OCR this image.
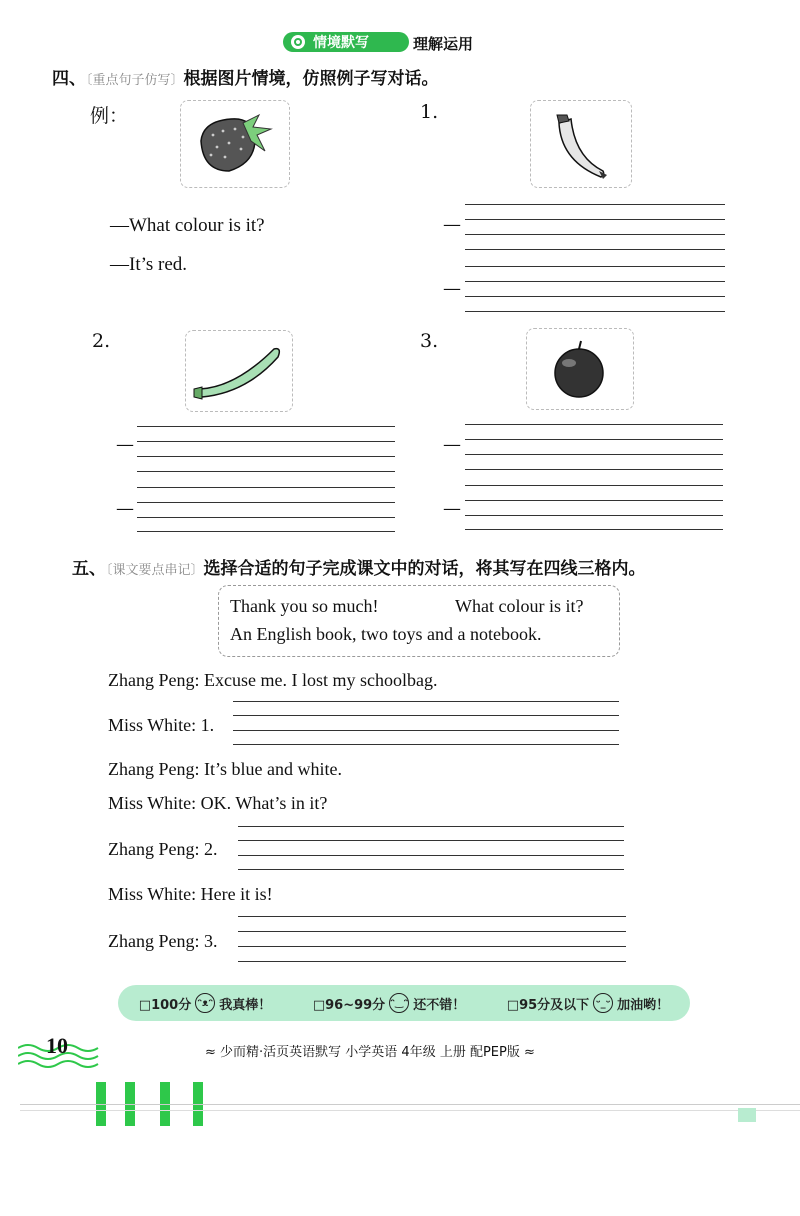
情境默写	理解运用
四、〔重点句子仿写〕根据图片情境，仿照例子写对话。
例：
—What colour is it?
—It’s red.
1.
—
—
2.
—
—
3.
—
—
五、〔课文要点串记〕选择合适的句子完成课文中的对话，将其写在四线三格内。
Thank you so much!	What colour is it?
An English book, two toys and a notebook.
Zhang Peng: Excuse me. I lost my schoolbag.
Miss White: 1.
Zhang Peng: It’s blue and white.
Miss White: OK. What’s in it?
Zhang Peng: 2.
Miss White: Here it is!
Zhang Peng: 3.
□100分 ᵔᴥᵔ 我真棒！	□96~99分 ᵔ‿ᵔ 还不错！	□95分及以下 ᵕ_ᵕ 加油哟！
10	≈ 少而精·活页英语默写 小学英语 4年级 上册 配PEP版 ≈
